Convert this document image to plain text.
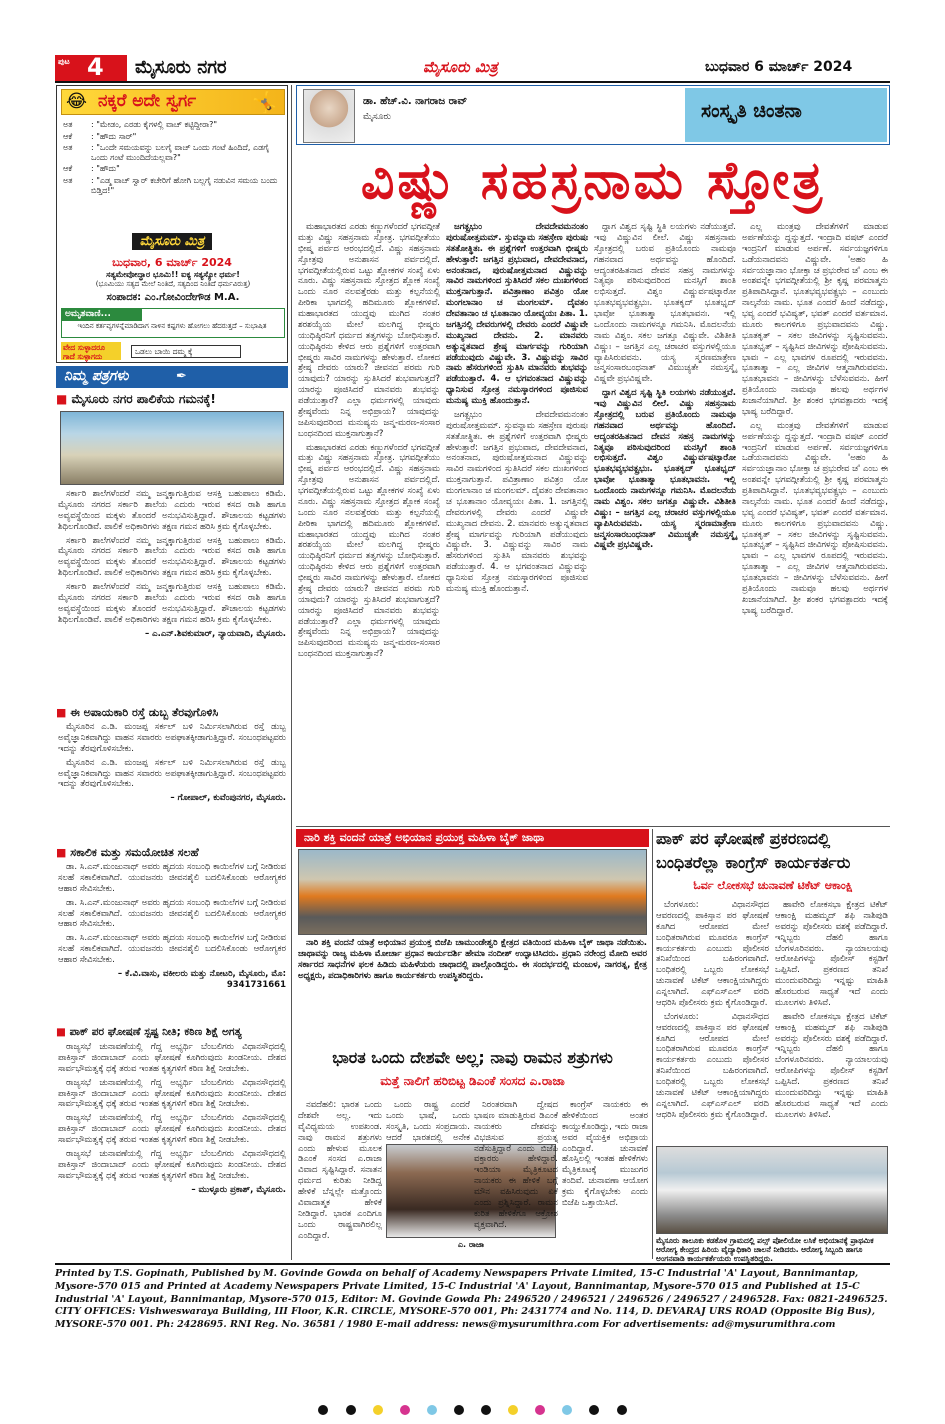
ಪುಟ 4 ಮೈಸೂರು ನಗರ	ಮೈಸೂರು ಮಿತ್ರ	ಬುಧವಾರ 6 ಮಾರ್ಚ್ 2024
😂 ನಕ್ಕರೆ ಅದೇ ಸ್ವರ್ಗ	🤸
ಅತ	: "ಮೇಡಂ, ಎರಡು ಕೈಗಳಲ್ಲಿ ವಾಚ್ ಕಟ್ಟಿದ್ದೀರಾ?"
ಆಕೆ	: "ಹೌದು ಸಾರ್"
ಅತ	: "ಒಂದೇ ಸಮಯವನ್ನು ಬಲಗೈ ವಾಚ್ ಒಂದು ಗಂಟೆ ಹಿಂದಿದೆ, ಎಡಗೈ ಒಂದು ಗಂಟೆ ಮುಂದಿದೆಯಲ್ಲವಾ?"
ಆಕೆ	: "ಹೌದು"
ಅತ	: "ಎಡ್ಮ ವಾಚ್ ಸ್ವಾರ್ ಕಚೇರಿಗೆ ಹೋಗಿ ಬಲ್ಲಗೈ ನಡುವಿನ ಸಮಯ ಬಂದು ಬಿಡ್ತಿದ!"
ಮೈಸೂರು ಮಿತ್ರ
ಬುಧವಾರ, 6 ಮಾರ್ಚ್ 2024
ಸತ್ಯಮೇವೋದ್ಧಾರ ಭೂಮಿ!! ಐಕ್ಯ ಸತ್ಯಸ್ಯೋ ಧರ್ಮ!
(ಭೂಮಿಯು ಸತ್ಯದ ಮೇಲೆ ನಿಂತಿದೆ, ಸತ್ಯದಿಂದ ನಿಂತಿದೆ ಧರ್ಮವಿರುತ್ತ)
ಸಂಪಾದಕ: ಎಂ.ಗೋವಿಂದೇಗೌಡ M.A.
ಅಮೃತವಾಣಿ...
ಇಂದಿನ ಕರ್ತವ್ಯಗಳನ್ನೆಮಾಡಿದಾಗ ನಾಳಿನ ಕಷ್ಟಗಳು ಹೋಗಲು ಹೆದರುತ್ತದೆ – ಸುಭಾಷಿತ
ವೇದ ಸುಳ್ಳಾದರೂ ಗಾದೆ ಸುಳ್ಳಾಗದು
ಒಡಲು ಬಾಯಿ ದಮ್ಮ ಕ್ಕೆ
ನಿಮ್ಮ ಪತ್ರಗಳು	✒
■ ಮೈಸೂರು ನಗರ ಪಾಲಿಕೆಯ ಗಮನಕ್ಕೆ!

ಸರ್ಕಾರಿ ಶಾಲೆಗಳೆಂದರೆ ನಮ್ಮ ಜನ್ಮಕ್ಕಾಗುತ್ತಿರುವ ಆಸಕ್ತಿ ಬಹುಪಾಲು ಕಡಿಮೆ. ಮೈಸೂರು ನಗರದ ಸರ್ಕಾರಿ ಶಾಲೆಯ ಎದುರು ಇರುವ ಕಸದ ರಾಶಿ ಹಾಗೂ ಅವ್ಯವಸ್ಥೆಯಿಂದ ಮಕ್ಕಳು ತೊಂದರೆ ಅನುಭವಿಸುತ್ತಿದ್ದಾರೆ. ಶೌಚಾಲಯ ಕಟ್ಟಡಗಳು ಶಿಥಿಲಗೊಂಡಿವೆ. ಪಾಲಿಕೆ ಅಧಿಕಾರಿಗಳು ತಕ್ಷಣ ಗಮನ ಹರಿಸಿ ಕ್ರಮ ಕೈಗೊಳ್ಳಬೇಕು.

ಸರ್ಕಾರಿ ಶಾಲೆಗಳೆಂದರೆ ನಮ್ಮ ಜನ್ಮಕ್ಕಾಗುತ್ತಿರುವ ಆಸಕ್ತಿ ಬಹುಪಾಲು ಕಡಿಮೆ. ಮೈಸೂರು ನಗರದ ಸರ್ಕಾರಿ ಶಾಲೆಯ ಎದುರು ಇರುವ ಕಸದ ರಾಶಿ ಹಾಗೂ ಅವ್ಯವಸ್ಥೆಯಿಂದ ಮಕ್ಕಳು ತೊಂದರೆ ಅನುಭವಿಸುತ್ತಿದ್ದಾರೆ. ಶೌಚಾಲಯ ಕಟ್ಟಡಗಳು ಶಿಥಿಲಗೊಂಡಿವೆ. ಪಾಲಿಕೆ ಅಧಿಕಾರಿಗಳು ತಕ್ಷಣ ಗಮನ ಹರಿಸಿ ಕ್ರಮ ಕೈಗೊಳ್ಳಬೇಕು.

ಸರ್ಕಾರಿ ಶಾಲೆಗಳೆಂದರೆ ನಮ್ಮ ಜನ್ಮಕ್ಕಾಗುತ್ತಿರುವ ಆಸಕ್ತಿ ಬಹುಪಾಲು ಕಡಿಮೆ. ಮೈಸೂರು ನಗರದ ಸರ್ಕಾರಿ ಶಾಲೆಯ ಎದುರು ಇರುವ ಕಸದ ರಾಶಿ ಹಾಗೂ ಅವ್ಯವಸ್ಥೆಯಿಂದ ಮಕ್ಕಳು ತೊಂದರೆ ಅನುಭವಿಸುತ್ತಿದ್ದಾರೆ. ಶೌಚಾಲಯ ಕಟ್ಟಡಗಳು ಶಿಥಿಲಗೊಂಡಿವೆ. ಪಾಲಿಕೆ ಅಧಿಕಾರಿಗಳು ತಕ್ಷಣ ಗಮನ ಹರಿಸಿ ಕ್ರಮ ಕೈಗೊಳ್ಳಬೇಕು.

– ಎ.ಎನ್.ಶಿವಕುಮಾರ್, ನ್ಯಾಯವಾದಿ, ಮೈಸೂರು.

■ ಈ ಅಪಾಯಕಾರಿ ರಸ್ತೆ ಡುಬ್ಬ ತೆರವುಗೊಳಿಸಿ

ಮೈಸೂರಿನ ಎ.ಡಿ. ಮಂಜಪ್ಪ ಸರ್ಕಲ್ ಬಳಿ ನಿರ್ಮಿಸಲಾಗಿರುವ ರಸ್ತೆ ಡುಬ್ಬ ಅವೈಜ್ಞಾನಿಕವಾಗಿದ್ದು ವಾಹನ ಸವಾರರು ಅಪಘಾತಕ್ಕೀಡಾಗುತ್ತಿದ್ದಾರೆ. ಸಂಬಂಧಪಟ್ಟವರು ಇದನ್ನು ತೆರವುಗೊಳಿಸಬೇಕು.

ಮೈಸೂರಿನ ಎ.ಡಿ. ಮಂಜಪ್ಪ ಸರ್ಕಲ್ ಬಳಿ ನಿರ್ಮಿಸಲಾಗಿರುವ ರಸ್ತೆ ಡುಬ್ಬ ಅವೈಜ್ಞಾನಿಕವಾಗಿದ್ದು ವಾಹನ ಸವಾರರು ಅಪಘಾತಕ್ಕೀಡಾಗುತ್ತಿದ್ದಾರೆ. ಸಂಬಂಧಪಟ್ಟವರು ಇದನ್ನು ತೆರವುಗೊಳಿಸಬೇಕು.

– ಗೋಪಾಲ್, ಕುವೆಂಪುನಗರ, ಮೈಸೂರು.

■ ಸಕಾಲಿಕ ಮತ್ತು ಸಮಯೋಚಿತ ಸಲಹೆ

ಡಾ. ಸಿ.ಎನ್.ಮಂಜುನಾಥ್ ಅವರು ಹೃದಯ ಸಂಬಂಧಿ ಕಾಯಿಲೆಗಳ ಬಗ್ಗೆ ನೀಡಿರುವ ಸಲಹೆ ಸಕಾಲಿಕವಾಗಿದೆ. ಯುವಜನರು ಜೀವನಶೈಲಿ ಬದಲಿಸಿಕೊಂಡು ಆರೋಗ್ಯಕರ ಆಹಾರ ಸೇವಿಸಬೇಕು.

ಡಾ. ಸಿ.ಎನ್.ಮಂಜುನಾಥ್ ಅವರು ಹೃದಯ ಸಂಬಂಧಿ ಕಾಯಿಲೆಗಳ ಬಗ್ಗೆ ನೀಡಿರುವ ಸಲಹೆ ಸಕಾಲಿಕವಾಗಿದೆ. ಯುವಜನರು ಜೀವನಶೈಲಿ ಬದಲಿಸಿಕೊಂಡು ಆರೋಗ್ಯಕರ ಆಹಾರ ಸೇವಿಸಬೇಕು.

ಡಾ. ಸಿ.ಎನ್.ಮಂಜುನಾಥ್ ಅವರು ಹೃದಯ ಸಂಬಂಧಿ ಕಾಯಿಲೆಗಳ ಬಗ್ಗೆ ನೀಡಿರುವ ಸಲಹೆ ಸಕಾಲಿಕವಾಗಿದೆ. ಯುವಜನರು ಜೀವನಶೈಲಿ ಬದಲಿಸಿಕೊಂಡು ಆರೋಗ್ಯಕರ ಆಹಾರ ಸೇವಿಸಬೇಕು.

– ಕೆ.ವಿ.ವಾಸು, ವಕೀಲರು ಮತ್ತು ನೋಟರಿ, ಮೈಸೂರು, ಮೊ: 9341731661

■ ಪಾಕ್ ಪರ ಘೋಷಣೆ ಸ್ಪಷ್ಟ ನೀತಿ; ಕಠಿಣ ಶಿಕ್ಷೆ ಅಗತ್ಯ

ರಾಜ್ಯಸಭೆ ಚುನಾವಣೆಯಲ್ಲಿ ಗೆದ್ದ ಅಭ್ಯರ್ಥಿ ಬೆಂಬಲಿಗರು ವಿಧಾನಸೌಧದಲ್ಲಿ ಪಾಕಿಸ್ತಾನ್ ಜಿಂದಾಬಾದ್ ಎಂದು ಘೋಷಣೆ ಕೂಗಿರುವುದು ಖಂಡನೀಯ. ದೇಶದ ಸಾರ್ವಭೌಮತ್ವಕ್ಕೆ ಧಕ್ಕೆ ತರುವ ಇಂತಹ ಕೃತ್ಯಗಳಿಗೆ ಕಠಿಣ ಶಿಕ್ಷೆ ನೀಡಬೇಕು.

ರಾಜ್ಯಸಭೆ ಚುನಾವಣೆಯಲ್ಲಿ ಗೆದ್ದ ಅಭ್ಯರ್ಥಿ ಬೆಂಬಲಿಗರು ವಿಧಾನಸೌಧದಲ್ಲಿ ಪಾಕಿಸ್ತಾನ್ ಜಿಂದಾಬಾದ್ ಎಂದು ಘೋಷಣೆ ಕೂಗಿರುವುದು ಖಂಡನೀಯ. ದೇಶದ ಸಾರ್ವಭೌಮತ್ವಕ್ಕೆ ಧಕ್ಕೆ ತರುವ ಇಂತಹ ಕೃತ್ಯಗಳಿಗೆ ಕಠಿಣ ಶಿಕ್ಷೆ ನೀಡಬೇಕು.

ರಾಜ್ಯಸಭೆ ಚುನಾವಣೆಯಲ್ಲಿ ಗೆದ್ದ ಅಭ್ಯರ್ಥಿ ಬೆಂಬಲಿಗರು ವಿಧಾನಸೌಧದಲ್ಲಿ ಪಾಕಿಸ್ತಾನ್ ಜಿಂದಾಬಾದ್ ಎಂದು ಘೋಷಣೆ ಕೂಗಿರುವುದು ಖಂಡನೀಯ. ದೇಶದ ಸಾರ್ವಭೌಮತ್ವಕ್ಕೆ ಧಕ್ಕೆ ತರುವ ಇಂತಹ ಕೃತ್ಯಗಳಿಗೆ ಕಠಿಣ ಶಿಕ್ಷೆ ನೀಡಬೇಕು.

ರಾಜ್ಯಸಭೆ ಚುನಾವಣೆಯಲ್ಲಿ ಗೆದ್ದ ಅಭ್ಯರ್ಥಿ ಬೆಂಬಲಿಗರು ವಿಧಾನಸೌಧದಲ್ಲಿ ಪಾಕಿಸ್ತಾನ್ ಜಿಂದಾಬಾದ್ ಎಂದು ಘೋಷಣೆ ಕೂಗಿರುವುದು ಖಂಡನೀಯ. ದೇಶದ ಸಾರ್ವಭೌಮತ್ವಕ್ಕೆ ಧಕ್ಕೆ ತರುವ ಇಂತಹ ಕೃತ್ಯಗಳಿಗೆ ಕಠಿಣ ಶಿಕ್ಷೆ ನೀಡಬೇಕು.

– ಮುಳ್ಳೂರು ಪ್ರಕಾಶ್, ಮೈಸೂರು.

ಡಾ. ಹೆಚ್.ವಿ. ನಾಗರಾಜ ರಾವ್
ಮೈಸೂರು	ಸಂಸ್ಕೃತಿ ಚಿಂತನಾ
ವಿಷ್ಣು ಸಹಸ್ರನಾಮ ಸ್ತೋತ್ರ

ಮಹಾಭಾರತದ ಎರಡು ಕಣ್ಣುಗಳೆಂದರೆ ಭಗವದ್ಗೀತೆ ಮತ್ತು ವಿಷ್ಣು ಸಹಸ್ರನಾಮ ಸ್ತೋತ್ರ. ಭಗವದ್ಗೀತೆಯು ಭೀಷ್ಮ ಪರ್ವದ ಆರಂಭದಲ್ಲಿದೆ. ವಿಷ್ಣು ಸಹಸ್ರನಾಮ ಸ್ತೋತ್ರವು ಅನುಶಾಸನ ಪರ್ವದಲ್ಲಿದೆ. ಭಗವದ್ಗೀತೆಯಲ್ಲಿರುವ ಒಟ್ಟು ಶ್ಲೋಕಗಳ ಸಂಖ್ಯೆ ಏಳು ನೂರು. ವಿಷ್ಣು ಸಹಸ್ರನಾಮ ಸ್ತೋತ್ರದ ಶ್ಲೋಕ ಸಂಖ್ಯೆ ಒಂದು ನೂರ ನಲವತ್ತೆರಡು ಮತ್ತು ಕಲ್ಪನೆಯಲ್ಲಿ ಪೀಠಿಕಾ ಭಾಗದಲ್ಲಿ ಹದಿಮೂರು ಶ್ಲೋಕಗಳಿವೆ. ಮಹಾಭಾರತದ ಯುದ್ಧವು ಮುಗಿದ ನಂತರ ಶರಶಯ್ಯೆಯ ಮೇಲೆ ಮಲಗಿದ್ದ ಭೀಷ್ಮರು ಯುಧಿಷ್ಠಿರನಿಗೆ ಧರ್ಮದ ತತ್ವಗಳನ್ನು ಬೋಧಿಸುತ್ತಾರೆ. ಯುಧಿಷ್ಠಿರನು ಕೇಳಿದ ಆರು ಪ್ರಶ್ನೆಗಳಿಗೆ ಉತ್ತರವಾಗಿ ಭೀಷ್ಮರು ಸಾವಿರ ನಾಮಗಳನ್ನು ಹೇಳುತ್ತಾರೆ. ಲೋಕದ ಶ್ರೇಷ್ಠ ದೇವರು ಯಾರು? ಜೀವನದ ಪರಮ ಗುರಿ ಯಾವುದು? ಯಾರನ್ನು ಸ್ತುತಿಸಿದರೆ ಶುಭವಾಗುತ್ತದೆ? ಯಾರನ್ನು ಪೂಜಿಸಿದರೆ ಮಾನವರು ಶುಭವನ್ನು ಪಡೆಯುತ್ತಾರೆ? ಎಲ್ಲಾ ಧರ್ಮಗಳಲ್ಲಿ ಯಾವುದು ಶ್ರೇಷ್ಠವೆಂದು ನಿನ್ನ ಅಭಿಪ್ರಾಯ? ಯಾವುದನ್ನು ಜಪಿಸುವುದರಿಂದ ಮನುಷ್ಯನು ಜನ್ಮ-ಮರಣ-ಸಂಸಾರ ಬಂಧನದಿಂದ ಮುಕ್ತನಾಗುತ್ತಾನೆ?

ಮಹಾಭಾರತದ ಎರಡು ಕಣ್ಣುಗಳೆಂದರೆ ಭಗವದ್ಗೀತೆ ಮತ್ತು ವಿಷ್ಣು ಸಹಸ್ರನಾಮ ಸ್ತೋತ್ರ. ಭಗವದ್ಗೀತೆಯು ಭೀಷ್ಮ ಪರ್ವದ ಆರಂಭದಲ್ಲಿದೆ. ವಿಷ್ಣು ಸಹಸ್ರನಾಮ ಸ್ತೋತ್ರವು ಅನುಶಾಸನ ಪರ್ವದಲ್ಲಿದೆ. ಭಗವದ್ಗೀತೆಯಲ್ಲಿರುವ ಒಟ್ಟು ಶ್ಲೋಕಗಳ ಸಂಖ್ಯೆ ಏಳು ನೂರು. ವಿಷ್ಣು ಸಹಸ್ರನಾಮ ಸ್ತೋತ್ರದ ಶ್ಲೋಕ ಸಂಖ್ಯೆ ಒಂದು ನೂರ ನಲವತ್ತೆರಡು ಮತ್ತು ಕಲ್ಪನೆಯಲ್ಲಿ ಪೀಠಿಕಾ ಭಾಗದಲ್ಲಿ ಹದಿಮೂರು ಶ್ಲೋಕಗಳಿವೆ. ಮಹಾಭಾರತದ ಯುದ್ಧವು ಮುಗಿದ ನಂತರ ಶರಶಯ್ಯೆಯ ಮೇಲೆ ಮಲಗಿದ್ದ ಭೀಷ್ಮರು ಯುಧಿಷ್ಠಿರನಿಗೆ ಧರ್ಮದ ತತ್ವಗಳನ್ನು ಬೋಧಿಸುತ್ತಾರೆ. ಯುಧಿಷ್ಠಿರನು ಕೇಳಿದ ಆರು ಪ್ರಶ್ನೆಗಳಿಗೆ ಉತ್ತರವಾಗಿ ಭೀಷ್ಮರು ಸಾವಿರ ನಾಮಗಳನ್ನು ಹೇಳುತ್ತಾರೆ. ಲೋಕದ ಶ್ರೇಷ್ಠ ದೇವರು ಯಾರು? ಜೀವನದ ಪರಮ ಗುರಿ ಯಾವುದು? ಯಾರನ್ನು ಸ್ತುತಿಸಿದರೆ ಶುಭವಾಗುತ್ತದೆ? ಯಾರನ್ನು ಪೂಜಿಸಿದರೆ ಮಾನವರು ಶುಭವನ್ನು ಪಡೆಯುತ್ತಾರೆ? ಎಲ್ಲಾ ಧರ್ಮಗಳಲ್ಲಿ ಯಾವುದು ಶ್ರೇಷ್ಠವೆಂದು ನಿನ್ನ ಅಭಿಪ್ರಾಯ? ಯಾವುದನ್ನು ಜಪಿಸುವುದರಿಂದ ಮನುಷ್ಯನು ಜನ್ಮ-ಮರಣ-ಸಂಸಾರ ಬಂಧನದಿಂದ ಮುಕ್ತನಾಗುತ್ತಾನೆ?

ಜಗತ್ಪ್ರಭುಂ ದೇವದೇವಮನಂತಂ ಪುರುಷೋತ್ತಮಮ್. ಸ್ತುವನ್ನಾಮ ಸಹಸ್ರೇಣ ಪುರುಷಃ ಸತತೋತ್ಥಿತಃ. ಈ ಪ್ರಶ್ನೆಗಳಿಗೆ ಉತ್ತರವಾಗಿ ಭೀಷ್ಮರು ಹೇಳುತ್ತಾರೆ: ಜಗತ್ತಿನ ಪ್ರಭುವಾದ, ದೇವದೇವನಾದ, ಅನಂತನಾದ, ಪುರುಷೋತ್ತಮನಾದ ವಿಷ್ಣುವನ್ನು ಸಾವಿರ ನಾಮಗಳಿಂದ ಸ್ತುತಿಸಿದರೆ ಸಕಲ ದುಃಖಗಳಿಂದ ಮುಕ್ತನಾಗುತ್ತಾನೆ. ಪವಿತ್ರಾಣಾಂ ಪವಿತ್ರಂ ಯೋ ಮಂಗಲಾನಾಂ ಚ ಮಂಗಲಮ್. ದೈವತಂ ದೇವತಾನಾಂ ಚ ಭೂತಾನಾಂ ಯೋವ್ಯಯಃ ಪಿತಾ. 1. ಜಗತ್ತಿನಲ್ಲಿ ದೇವರುಗಳಲ್ಲಿ ದೇವರು ಎಂದರೆ ವಿಷ್ಣುವೇ ಮುಖ್ಯನಾದ ದೇವನು. 2. ಮಾನವರು ಅತ್ಯುನ್ನತವಾದ ಶ್ರೇಷ್ಠ ಮಾರ್ಗವನ್ನು ಗುರಿಯಾಗಿ ಪಡೆಯುವುದು ವಿಷ್ಣುವೇ. 3. ವಿಷ್ಣುವನ್ನು ಸಾವಿರ ನಾಮ ಹೆಸರುಗಳಿಂದ ಸ್ತುತಿಸಿ ಮಾನವರು ಶುಭವನ್ನು ಪಡೆಯುತ್ತಾರೆ. 4. ಆ ಭಗವಂತನಾದ ವಿಷ್ಣುವನ್ನು ಧ್ಯಾನಿಸುವ ಸ್ತೋತ್ರ ನಮಸ್ಕಾರಗಳಿಂದ ಪೂಜಿಸುವ ಮನುಷ್ಯ ಮುಕ್ತಿ ಹೊಂದುತ್ತಾನೆ.

ಜಗತ್ಪ್ರಭುಂ ದೇವದೇವಮನಂತಂ ಪುರುಷೋತ್ತಮಮ್. ಸ್ತುವನ್ನಾಮ ಸಹಸ್ರೇಣ ಪುರುಷಃ ಸತತೋತ್ಥಿತಃ. ಈ ಪ್ರಶ್ನೆಗಳಿಗೆ ಉತ್ತರವಾಗಿ ಭೀಷ್ಮರು ಹೇಳುತ್ತಾರೆ: ಜಗತ್ತಿನ ಪ್ರಭುವಾದ, ದೇವದೇವನಾದ, ಅನಂತನಾದ, ಪುರುಷೋತ್ತಮನಾದ ವಿಷ್ಣುವನ್ನು ಸಾವಿರ ನಾಮಗಳಿಂದ ಸ್ತುತಿಸಿದರೆ ಸಕಲ ದುಃಖಗಳಿಂದ ಮುಕ್ತನಾಗುತ್ತಾನೆ. ಪವಿತ್ರಾಣಾಂ ಪವಿತ್ರಂ ಯೋ ಮಂಗಲಾನಾಂ ಚ ಮಂಗಲಮ್. ದೈವತಂ ದೇವತಾನಾಂ ಚ ಭೂತಾನಾಂ ಯೋವ್ಯಯಃ ಪಿತಾ. 1. ಜಗತ್ತಿನಲ್ಲಿ ದೇವರುಗಳಲ್ಲಿ ದೇವರು ಎಂದರೆ ವಿಷ್ಣುವೇ ಮುಖ್ಯನಾದ ದೇವನು. 2. ಮಾನವರು ಅತ್ಯುನ್ನತವಾದ ಶ್ರೇಷ್ಠ ಮಾರ್ಗವನ್ನು ಗುರಿಯಾಗಿ ಪಡೆಯುವುದು ವಿಷ್ಣುವೇ. 3. ವಿಷ್ಣುವನ್ನು ಸಾವಿರ ನಾಮ ಹೆಸರುಗಳಿಂದ ಸ್ತುತಿಸಿ ಮಾನವರು ಶುಭವನ್ನು ಪಡೆಯುತ್ತಾರೆ. 4. ಆ ಭಗವಂತನಾದ ವಿಷ್ಣುವನ್ನು ಧ್ಯಾನಿಸುವ ಸ್ತೋತ್ರ ನಮಸ್ಕಾರಗಳಿಂದ ಪೂಜಿಸುವ ಮನುಷ್ಯ ಮುಕ್ತಿ ಹೊಂದುತ್ತಾನೆ.

ದ್ದಾಗ ವಿಶ್ವದ ಸೃಷ್ಟಿ ಸ್ಥಿತಿ ಲಯಗಳು ನಡೆಯುತ್ತವೆ. ಇವು ವಿಷ್ಣುವಿನ ಲೀಲೆ. ವಿಷ್ಣು ಸಹಸ್ರನಾಮ ಸ್ತೋತ್ರದಲ್ಲಿ ಬರುವ ಪ್ರತಿಯೊಂದು ನಾಮವೂ ಗಹನವಾದ ಅರ್ಥವನ್ನು ಹೊಂದಿದೆ. ಆದ್ಯಂತರಹಿತನಾದ ದೇವನ ಸಹಸ್ರ ನಾಮಗಳನ್ನು ನಿತ್ಯವೂ ಪಠಿಸುವುದರಿಂದ ಮನಸ್ಸಿಗೆ ಶಾಂತಿ ಲಭಿಸುತ್ತದೆ. ವಿಶ್ವಂ ವಿಷ್ಣುರ್ವಷಟ್ಕಾರೋ ಭೂತಭವ್ಯಭವತ್ಪ್ರಭುಃ. ಭೂತಕೃದ್ ಭೂತಭೃದ್ ಭಾವೋ ಭೂತಾತ್ಮಾ ಭೂತಭಾವನಃ. ಇಲ್ಲಿ ಒಂದೊಂದು ನಾಮಗಳನ್ನೂ ಗಮನಿಸಿ. ಮೊದಲನೆಯ ನಾಮ ವಿಶ್ವಂ. ಸಕಲ ಜಗತ್ತೂ ವಿಷ್ಣುವೇ. ವಿಶಿತೀತಿ ವಿಷ್ಣುಃ – ಜಗತ್ತಿನ ಎಲ್ಲ ಚರಾಚರ ವಸ್ತುಗಳಲ್ಲಿಯೂ ವ್ಯಾಪಿಸಿರುವವನು. ಯಸ್ಯ ಸ್ಮರಣಮಾತ್ರೇಣ ಜನ್ಮಸಂಸಾರಬಂಧನಾತ್ ವಿಮುಚ್ಯತೇ ನಮಸ್ತಸ್ಮೈ ವಿಷ್ಣವೇ ಪ್ರಭವಿಷ್ಣವೇ.

ದ್ದಾಗ ವಿಶ್ವದ ಸೃಷ್ಟಿ ಸ್ಥಿತಿ ಲಯಗಳು ನಡೆಯುತ್ತವೆ. ಇವು ವಿಷ್ಣುವಿನ ಲೀಲೆ. ವಿಷ್ಣು ಸಹಸ್ರನಾಮ ಸ್ತೋತ್ರದಲ್ಲಿ ಬರುವ ಪ್ರತಿಯೊಂದು ನಾಮವೂ ಗಹನವಾದ ಅರ್ಥವನ್ನು ಹೊಂದಿದೆ. ಆದ್ಯಂತರಹಿತನಾದ ದೇವನ ಸಹಸ್ರ ನಾಮಗಳನ್ನು ನಿತ್ಯವೂ ಪಠಿಸುವುದರಿಂದ ಮನಸ್ಸಿಗೆ ಶಾಂತಿ ಲಭಿಸುತ್ತದೆ. ವಿಶ್ವಂ ವಿಷ್ಣುರ್ವಷಟ್ಕಾರೋ ಭೂತಭವ್ಯಭವತ್ಪ್ರಭುಃ. ಭೂತಕೃದ್ ಭೂತಭೃದ್ ಭಾವೋ ಭೂತಾತ್ಮಾ ಭೂತಭಾವನಃ. ಇಲ್ಲಿ ಒಂದೊಂದು ನಾಮಗಳನ್ನೂ ಗಮನಿಸಿ. ಮೊದಲನೆಯ ನಾಮ ವಿಶ್ವಂ. ಸಕಲ ಜಗತ್ತೂ ವಿಷ್ಣುವೇ. ವಿಶಿತೀತಿ ವಿಷ್ಣುಃ – ಜಗತ್ತಿನ ಎಲ್ಲ ಚರಾಚರ ವಸ್ತುಗಳಲ್ಲಿಯೂ ವ್ಯಾಪಿಸಿರುವವನು. ಯಸ್ಯ ಸ್ಮರಣಮಾತ್ರೇಣ ಜನ್ಮಸಂಸಾರಬಂಧನಾತ್ ವಿಮುಚ್ಯತೇ ನಮಸ್ತಸ್ಮೈ ವಿಷ್ಣವೇ ಪ್ರಭವಿಷ್ಣವೇ.

ಎಲ್ಲ ಮಂತ್ರವು ದೇವತೆಗಳಿಗೆ ಮಾಡುವ ಅರ್ಪಣೆಯನ್ನು ದ್ದನ್ನುತ್ತದೆ. ಇಂದ್ರಾದಿ ವಷಟ್ ಎಂದರೆ ಇಂದ್ರನಿಗೆ ಮಾಡುವ ಅರ್ಪಣೆ. ಸರ್ವಯಜ್ಞಗಳಿಗೂ ಒಡೆಯನಾದವನು ವಿಷ್ಣುವೇ. 'ಅಹಂ ಹಿ ಸರ್ವಯಜ್ಞಾನಾಂ ಭೋಕ್ತಾ ಚ ಪ್ರಭುರೇವ ಚ' ಎಂಬ ಈ ಅಂಶವನ್ನೇ ಭಗವದ್ಗೀತೆಯಲ್ಲಿ ಶ್ರೀ ಕೃಷ್ಣ ಪರಮಾತ್ಮನು ಪ್ರತಿಪಾದಿಸಿದ್ದಾನೆ. ಭೂತಭವ್ಯಭವತ್ಪ್ರಭು – ಎಂಬುದು ನಾಲ್ಕನೆಯ ನಾಮ. ಭೂತ ಎಂದರೆ ಹಿಂದೆ ನಡೆದದ್ದು, ಭವ್ಯ ಎಂದರೆ ಭವಿಷ್ಯತ್, ಭವತ್ ಎಂದರೆ ವರ್ತಮಾನ. ಮೂರು ಕಾಲಗಳಿಗೂ ಪ್ರಭುವಾದವನು ವಿಷ್ಣು. ಭೂತಕೃತ್ – ಸಕಲ ಜೀವಿಗಳನ್ನು ಸೃಷ್ಟಿಸುವವನು. ಭೂತಭೃತ್ – ಸೃಷ್ಟಿಸಿದ ಜೀವಿಗಳನ್ನು ಪೋಷಿಸುವವನು. ಭಾವಃ – ಎಲ್ಲ ಭಾವಗಳ ರೂಪದಲ್ಲಿ ಇರುವವನು. ಭೂತಾತ್ಮಾ – ಎಲ್ಲ ಜೀವಿಗಳ ಆತ್ಮನಾಗಿರುವವನು. ಭೂತಭಾವನಃ – ಜೀವಿಗಳನ್ನು ಬೆಳೆಸುವವನು. ಹೀಗೆ ಪ್ರತಿಯೊಂದು ನಾಮವೂ ಹಲವು ಅರ್ಥಗಳ ಖಜಾನೆಯಾಗಿದೆ. ಶ್ರೀ ಶಂಕರ ಭಗವತ್ಪಾದರು ಇದಕ್ಕೆ ಭಾಷ್ಯ ಬರೆದಿದ್ದಾರೆ.

ಎಲ್ಲ ಮಂತ್ರವು ದೇವತೆಗಳಿಗೆ ಮಾಡುವ ಅರ್ಪಣೆಯನ್ನು ದ್ದನ್ನುತ್ತದೆ. ಇಂದ್ರಾದಿ ವಷಟ್ ಎಂದರೆ ಇಂದ್ರನಿಗೆ ಮಾಡುವ ಅರ್ಪಣೆ. ಸರ್ವಯಜ್ಞಗಳಿಗೂ ಒಡೆಯನಾದವನು ವಿಷ್ಣುವೇ. 'ಅಹಂ ಹಿ ಸರ್ವಯಜ್ಞಾನಾಂ ಭೋಕ್ತಾ ಚ ಪ್ರಭುರೇವ ಚ' ಎಂಬ ಈ ಅಂಶವನ್ನೇ ಭಗವದ್ಗೀತೆಯಲ್ಲಿ ಶ್ರೀ ಕೃಷ್ಣ ಪರಮಾತ್ಮನು ಪ್ರತಿಪಾದಿಸಿದ್ದಾನೆ. ಭೂತಭವ್ಯಭವತ್ಪ್ರಭು – ಎಂಬುದು ನಾಲ್ಕನೆಯ ನಾಮ. ಭೂತ ಎಂದರೆ ಹಿಂದೆ ನಡೆದದ್ದು, ಭವ್ಯ ಎಂದರೆ ಭವಿಷ್ಯತ್, ಭವತ್ ಎಂದರೆ ವರ್ತಮಾನ. ಮೂರು ಕಾಲಗಳಿಗೂ ಪ್ರಭುವಾದವನು ವಿಷ್ಣು. ಭೂತಕೃತ್ – ಸಕಲ ಜೀವಿಗಳನ್ನು ಸೃಷ್ಟಿಸುವವನು. ಭೂತಭೃತ್ – ಸೃಷ್ಟಿಸಿದ ಜೀವಿಗಳನ್ನು ಪೋಷಿಸುವವನು. ಭಾವಃ – ಎಲ್ಲ ಭಾವಗಳ ರೂಪದಲ್ಲಿ ಇರುವವನು. ಭೂತಾತ್ಮಾ – ಎಲ್ಲ ಜೀವಿಗಳ ಆತ್ಮನಾಗಿರುವವನು. ಭೂತಭಾವನಃ – ಜೀವಿಗಳನ್ನು ಬೆಳೆಸುವವನು. ಹೀಗೆ ಪ್ರತಿಯೊಂದು ನಾಮವೂ ಹಲವು ಅರ್ಥಗಳ ಖಜಾನೆಯಾಗಿದೆ. ಶ್ರೀ ಶಂಕರ ಭಗವತ್ಪಾದರು ಇದಕ್ಕೆ ಭಾಷ್ಯ ಬರೆದಿದ್ದಾರೆ.

ನಾರಿ ಶಕ್ತಿ ವಂದನೆ ಯಾತ್ರೆ ಅಭಿಯಾನ ಪ್ರಯುಕ್ತ ಮಹಿಳಾ ಬೈಕ್ ಜಾಥಾ

ನಾರಿ ಶಕ್ತಿ ವಂದನೆ ಯಾತ್ರೆ ಅಭಿಯಾನ ಪ್ರಯುಕ್ತ ಬಿಜೆಪಿ ಚಾಮುಂಡೇಶ್ವರಿ ಕ್ಷೇತ್ರದ ವತಿಯಿಂದ ಮಹಿಳಾ ಬೈಕ್ ಜಾಥಾ ನಡೆಯಿತು. ಜಾಥಾವನ್ನು ರಾಜ್ಯ ಮಹಿಳಾ ಮೋರ್ಚಾ ಪ್ರಧಾನ ಕಾರ್ಯದರ್ಶಿ ಹೇಮಾ ನಂದೀಶ್ ಉದ್ಘಾಟಿಸಿದರು. ಪ್ರಧಾನಿ ನರೇಂದ್ರ ಮೋದಿ ಅವರ ಸರ್ಕಾರದ ಸಾಧನೆಗಳ ಫಲಕ ಹಿಡಿದು ಮಹಿಳೆಯರು ಜಾಥಾದಲ್ಲಿ ಪಾಲ್ಗೊಂಡಿದ್ದರು. ಈ ಸಂದರ್ಭದಲ್ಲಿ ಮಂಜುಳ, ನಾಗರತ್ನ, ಕ್ಷೇತ್ರ ಅಧ್ಯಕ್ಷರು, ಪದಾಧಿಕಾರಿಗಳು ಹಾಗೂ ಕಾರ್ಯಕರ್ತರು ಉಪಸ್ಥಿತರಿದ್ದರು.

ಪಾಕ್ ಪರ ಘೋಷಣೆ ಪ್ರಕರಣದಲ್ಲಿ
ಬಂಧಿತರೆಲ್ಲಾ ಕಾಂಗ್ರೆಸ್ ಕಾರ್ಯಕರ್ತರು
ಓರ್ವ ಲೋಕಸಭೆ ಚುನಾವಣೆ ಟಿಕೆಟ್ ಆಕಾಂಕ್ಷಿ

ಬೆಂಗಳೂರು: ವಿಧಾನಸೌಧದ ಆವರಣದಲ್ಲಿ ಪಾಕಿಸ್ತಾನ ಪರ ಘೋಷಣೆ ಕೂಗಿದ ಆರೋಪದ ಮೇಲೆ ಬಂಧಿತರಾಗಿರುವ ಮೂವರೂ ಕಾಂಗ್ರೆಸ್ ಕಾರ್ಯಕರ್ತರು ಎಂಬುದು ಪೊಲೀಸರ ತನಿಖೆಯಿಂದ ಬಹಿರಂಗವಾಗಿದೆ. ಬಂಧಿತರಲ್ಲಿ ಒಬ್ಬರು ಲೋಕಸಭೆ ಚುನಾವಣೆ ಟಿಕೆಟ್ ಆಕಾಂಕ್ಷಿಯಾಗಿದ್ದರು ಎನ್ನಲಾಗಿದೆ. ಎಫ್‌ಎಸ್‌ಎಲ್ ವರದಿ ಆಧರಿಸಿ ಪೊಲೀಸರು ಕ್ರಮ ಕೈಗೊಂಡಿದ್ದಾರೆ.

ಬೆಂಗಳೂರು: ವಿಧಾನಸೌಧದ ಆವರಣದಲ್ಲಿ ಪಾಕಿಸ್ತಾನ ಪರ ಘೋಷಣೆ ಕೂಗಿದ ಆರೋಪದ ಮೇಲೆ ಬಂಧಿತರಾಗಿರುವ ಮೂವರೂ ಕಾಂಗ್ರೆಸ್ ಕಾರ್ಯಕರ್ತರು ಎಂಬುದು ಪೊಲೀಸರ ತನಿಖೆಯಿಂದ ಬಹಿರಂಗವಾಗಿದೆ. ಬಂಧಿತರಲ್ಲಿ ಒಬ್ಬರು ಲೋಕಸಭೆ ಚುನಾವಣೆ ಟಿಕೆಟ್ ಆಕಾಂಕ್ಷಿಯಾಗಿದ್ದರು ಎನ್ನಲಾಗಿದೆ. ಎಫ್‌ಎಸ್‌ಎಲ್ ವರದಿ ಆಧರಿಸಿ ಪೊಲೀಸರು ಕ್ರಮ ಕೈಗೊಂಡಿದ್ದಾರೆ.

ಹಾವೇರಿ ಲೋಕಸಭಾ ಕ್ಷೇತ್ರದ ಟಿಕೆಟ್ ಆಕಾಂಕ್ಷಿ ಮಹಮ್ಮದ್ ಶಫಿ ನಾಶಿಪುಡಿ ಅವರನ್ನು ಪೊಲೀಸರು ವಶಕ್ಕೆ ಪಡೆದಿದ್ದಾರೆ. ಇನ್ನಿಬ್ಬರು ದೆಹಲಿ ಹಾಗೂ ಬೆಂಗಳೂರಿನವರು. ನ್ಯಾಯಾಲಯವು ಆರೋಪಿಗಳನ್ನು ಪೊಲೀಸ್ ಕಸ್ಟಡಿಗೆ ಒಪ್ಪಿಸಿದೆ. ಪ್ರಕರಣದ ತನಿಖೆ ಮುಂದುವರಿದಿದ್ದು ಇನ್ನಷ್ಟು ಮಾಹಿತಿ ಹೊರಬರುವ ಸಾಧ್ಯತೆ ಇದೆ ಎಂದು ಮೂಲಗಳು ತಿಳಿಸಿವೆ.

ಹಾವೇರಿ ಲೋಕಸಭಾ ಕ್ಷೇತ್ರದ ಟಿಕೆಟ್ ಆಕಾಂಕ್ಷಿ ಮಹಮ್ಮದ್ ಶಫಿ ನಾಶಿಪುಡಿ ಅವರನ್ನು ಪೊಲೀಸರು ವಶಕ್ಕೆ ಪಡೆದಿದ್ದಾರೆ. ಇನ್ನಿಬ್ಬರು ದೆಹಲಿ ಹಾಗೂ ಬೆಂಗಳೂರಿನವರು. ನ್ಯಾಯಾಲಯವು ಆರೋಪಿಗಳನ್ನು ಪೊಲೀಸ್ ಕಸ್ಟಡಿಗೆ ಒಪ್ಪಿಸಿದೆ. ಪ್ರಕರಣದ ತನಿಖೆ ಮುಂದುವರಿದಿದ್ದು ಇನ್ನಷ್ಟು ಮಾಹಿತಿ ಹೊರಬರುವ ಸಾಧ್ಯತೆ ಇದೆ ಎಂದು ಮೂಲಗಳು ತಿಳಿಸಿವೆ.

ಮೈಸೂರು ತಾಲೂಕು ಕಡಕೊಳ ಗ್ರಾಮದಲ್ಲಿ ಪಲ್ಸ್ ಪೋಲಿಯೋ ಲಸಿಕೆ ಅಭಿಯಾನಕ್ಕೆ ಪ್ರಾಥಮಿಕ ಆರೋಗ್ಯ ಕೇಂದ್ರದ ಹಿರಿಯ ವೈದ್ಯಾಧಿಕಾರಿ ಚಾಲನೆ ನೀಡಿದರು. ಆರೋಗ್ಯ ಸಿಬ್ಬಂದಿ ಹಾಗೂ ಅಂಗನವಾಡಿ ಕಾರ್ಯಕರ್ತೆಯರು ಉಪಸ್ಥಿತರಿದ್ದರು.
ಭಾರತ ಒಂದು ದೇಶವೇ ಅಲ್ಲ; ನಾವು ರಾಮನ ಶತ್ರುಗಳು
ಮತ್ತೆ ನಾಲಿಗೆ ಹರಿಬಿಟ್ಟ ಡಿಎಂಕೆ ಸಂಸದ ಎ.ರಾಜಾ

ನವದೆಹಲಿ: ಭಾರತ ಒಂದು ದೇಶವೇ ಅಲ್ಲ. ಇದು ವೈವಿಧ್ಯಮಯ ಉಪಖಂಡ. ನಾವು ರಾಮನ ಶತ್ರುಗಳು ಎಂದು ಹೇಳುವ ಮೂಲಕ ಡಿಎಂಕೆ ಸಂಸದ ಎ.ರಾಜಾ ವಿವಾದ ಸೃಷ್ಟಿಸಿದ್ದಾರೆ. ಸನಾತನ ಧರ್ಮದ ಕುರಿತು ನೀಡಿದ್ದ ಹೇಳಿಕೆ ಬೆನ್ನಲ್ಲೇ ಮತ್ತೊಂದು ವಿವಾದಾತ್ಮಕ ಹೇಳಿಕೆ ನೀಡಿದ್ದಾರೆ. ಭಾರತ ಎಂದಿಗೂ ಒಂದು ರಾಷ್ಟ್ರವಾಗಿರಲಿಲ್ಲ ಎಂದಿದ್ದಾರೆ.

ಒಂದು ರಾಷ್ಟ್ರ ಎಂದರೆ ಒಂದು ಭಾಷೆ, ಒಂದು ಸಂಸ್ಕೃತಿ, ಒಂದು ಸಂಪ್ರದಾಯ. ಆದರೆ ಭಾರತದಲ್ಲಿ ಅನೇಕ

ಎ. ರಾಜಾ

ನಿರಂತರವಾಗಿ ದ್ವೇಷದ ಭಾಷಣ ಮಾಡುತ್ತಿರುವ ಡಿಎಂಕೆ ನಾಯಕರು ದೇಶವನ್ನು ವಿಭಜಿಸುವ ಪ್ರಯತ್ನ ನಡೆಸುತ್ತಿದ್ದಾರೆ ಎಂದು ಬಿಜೆಪಿ ವಕ್ತಾರರು ಹೇಳಿದ್ದಾರೆ. ಇಂಡಿಯಾ ಮೈತ್ರಿಕೂಟದ ನಾಯಕರು ಈ ಹೇಳಿಕೆ ಬಗ್ಗೆ ಮೌನ ವಹಿಸಿರುವುದು ಏಕೆ ಎಂದು ಪ್ರಶ್ನಿಸಿದ್ದಾರೆ. ರಾಮನ ಕುರಿತ ಹೇಳಿಕೆಗೂ ಆಕ್ರೋಶ ವ್ಯಕ್ತವಾಗಿದೆ.

ಕಾಂಗ್ರೆಸ್ ನಾಯಕರು ಈ ಹೇಳಿಕೆಯಿಂದ ಅಂತರ ಕಾಯ್ದುಕೊಂಡಿದ್ದು, ಇದು ರಾಜಾ ಅವರ ವೈಯಕ್ತಿಕ ಅಭಿಪ್ರಾಯ ಎಂದಿದ್ದಾರೆ. ಚುನಾವಣೆ ಹೊಸ್ತಿಲಲ್ಲಿ ಇಂತಹ ಹೇಳಿಕೆಗಳು ಮೈತ್ರಿಕೂಟಕ್ಕೆ ಮುಜುಗರ ತಂದಿವೆ. ಚುನಾವಣಾ ಆಯೋಗ ಕ್ರಮ ಕೈಗೊಳ್ಳಬೇಕು ಎಂದು ಬಿಜೆಪಿ ಒತ್ತಾಯಿಸಿದೆ.

Printed by T.S. Gopinath, Published by M. Govinde Gowda on behalf of Academy Newspapers Private Limited, 15-C Industrial 'A' Layout, Bannimantap, Mysore-570 015 and Printed at Academy Newspapers Private Limited, 15-C Industrial 'A' Layout, Bannimantap, Mysore-570 015 and Published at 15-C Industrial 'A' Layout, Bannimantap, Mysore-570 015, Editor: M. Govinde Gowda Ph: 2496520 / 2496521 / 2496526 / 2496527 / 2496528. Fax: 0821-2496525. CITY OFFICES: Vishweswaraya Building, III Floor, K.R. CIRCLE, MYSORE-570 001, Ph: 2431774 and No. 114, D. DEVARAJ URS ROAD (Opposite Big Bus), MYSORE-570 001. Ph: 2428695. RNI Reg. No. 36581 / 1980 E-mail address: news@mysurumithra.com For advertisements: ad@mysurumithra.com
